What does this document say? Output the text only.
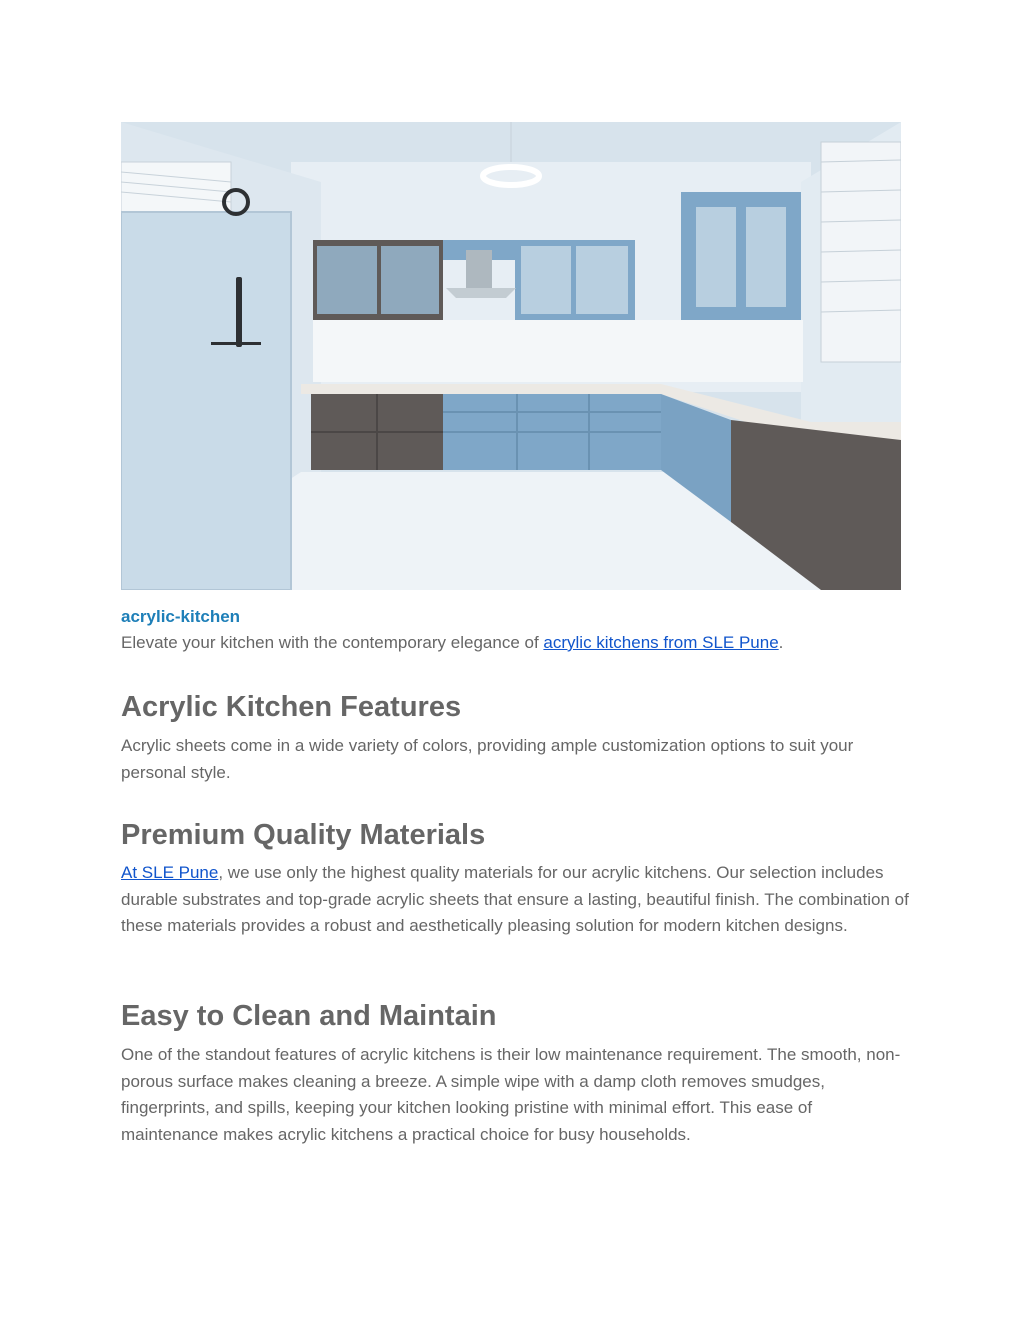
acrylic-kitchen
Elevate your kitchen with the contemporary elegance of acrylic kitchens from SLE Pune.
Acrylic Kitchen Features

Acrylic sheets come in a wide variety of colors, providing ample customization options to suit your personal style.

Premium Quality Materials

At SLE Pune, we use only the highest quality materials for our acrylic kitchens. Our selection includes durable substrates and top-grade acrylic sheets that ensure a lasting, beautiful finish. The combination of these materials provides a robust and aesthetically pleasing solution for modern kitchen designs.

Easy to Clean and Maintain

One of the standout features of acrylic kitchens is their low maintenance requirement. The smooth, non-porous surface makes cleaning a breeze. A simple wipe with a damp cloth removes smudges, fingerprints, and spills, keeping your kitchen looking pristine with minimal effort. This ease of maintenance makes acrylic kitchens a practical choice for busy households.
